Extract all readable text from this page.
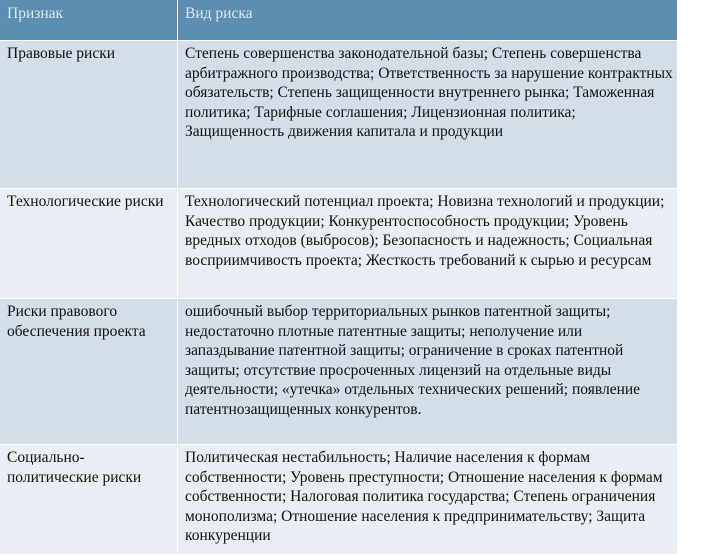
Признак	Вид риска
Правовые риски	Степень совершенства законодательной базы; Степень совершенства арбитражного производства; Ответственность за нарушение контрактных обязательств; Степень защищенности внутреннего рынка; Таможенная политика; Тарифные соглашения; Лицензионная политика; Защищенность движения капитала и продукции
Технологические риски	Технологический потенциал проекта; Новизна технологий и продукции; Качество продукции; Конкурентоспособность продукции; Уровень вредных отходов (выбросов); Безопасность и надежность; Социальная восприимчивость проекта; Жесткость требований к сырью и ресурсам
Риски правового обеспечения проекта	ошибочный выбор территориальных рынков патентной защиты; недостаточно плотные патентные защиты; неполучение или запаздывание патентной защиты; ограничение в сроках патентной защиты; отсутствие просроченных лицензий на отдельные виды деятельности; «утечка» отдельных технических решений; появление патентнозащищенных конкурентов.
Социально-политические риски	Политическая нестабильность; Наличие населения к формам собственности; Уровень преступности; Отношение населения к формам собственности; Налоговая политика государства; Степень ограничения монополизма; Отношение населения к предпринимательству; Защита конкуренции
